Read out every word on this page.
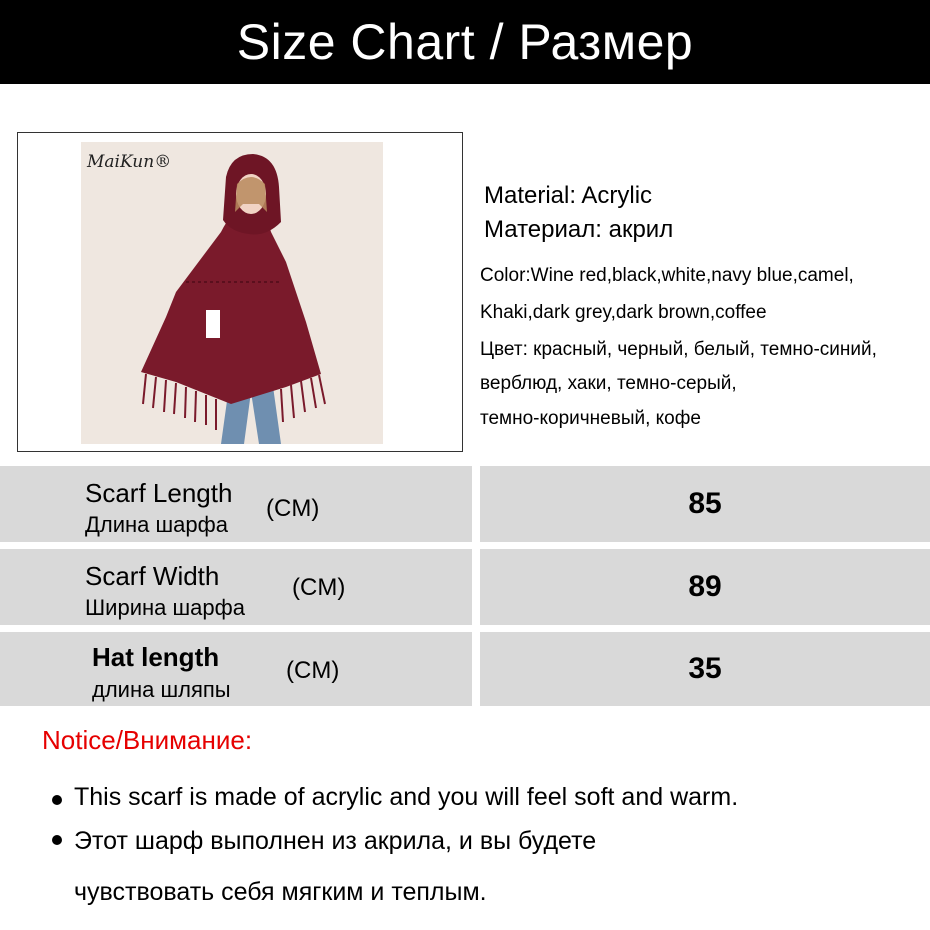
Size Chart / Размер
MaiKun®
Material: Acrylic
Материал: акрил
Color:Wine red,black,white,navy blue,camel,
Khaki,dark grey,dark brown,coffee
Цвет: красный, черный, белый, темно-синий,
верблюд, хаки, темно-серый,
темно-коричневый, кофе
Scarf Length
Длина шарфа
(CM)	85
Scarf Width
Ширина шарфа
(CM)	89
Hat length
длина шляпы
(CM)	35
Notice/Внимание:
This scarf is made of acrylic and you will feel soft and warm.
Этот шарф выполнен из акрила, и вы будете
чувствовать себя мягким и теплым.
